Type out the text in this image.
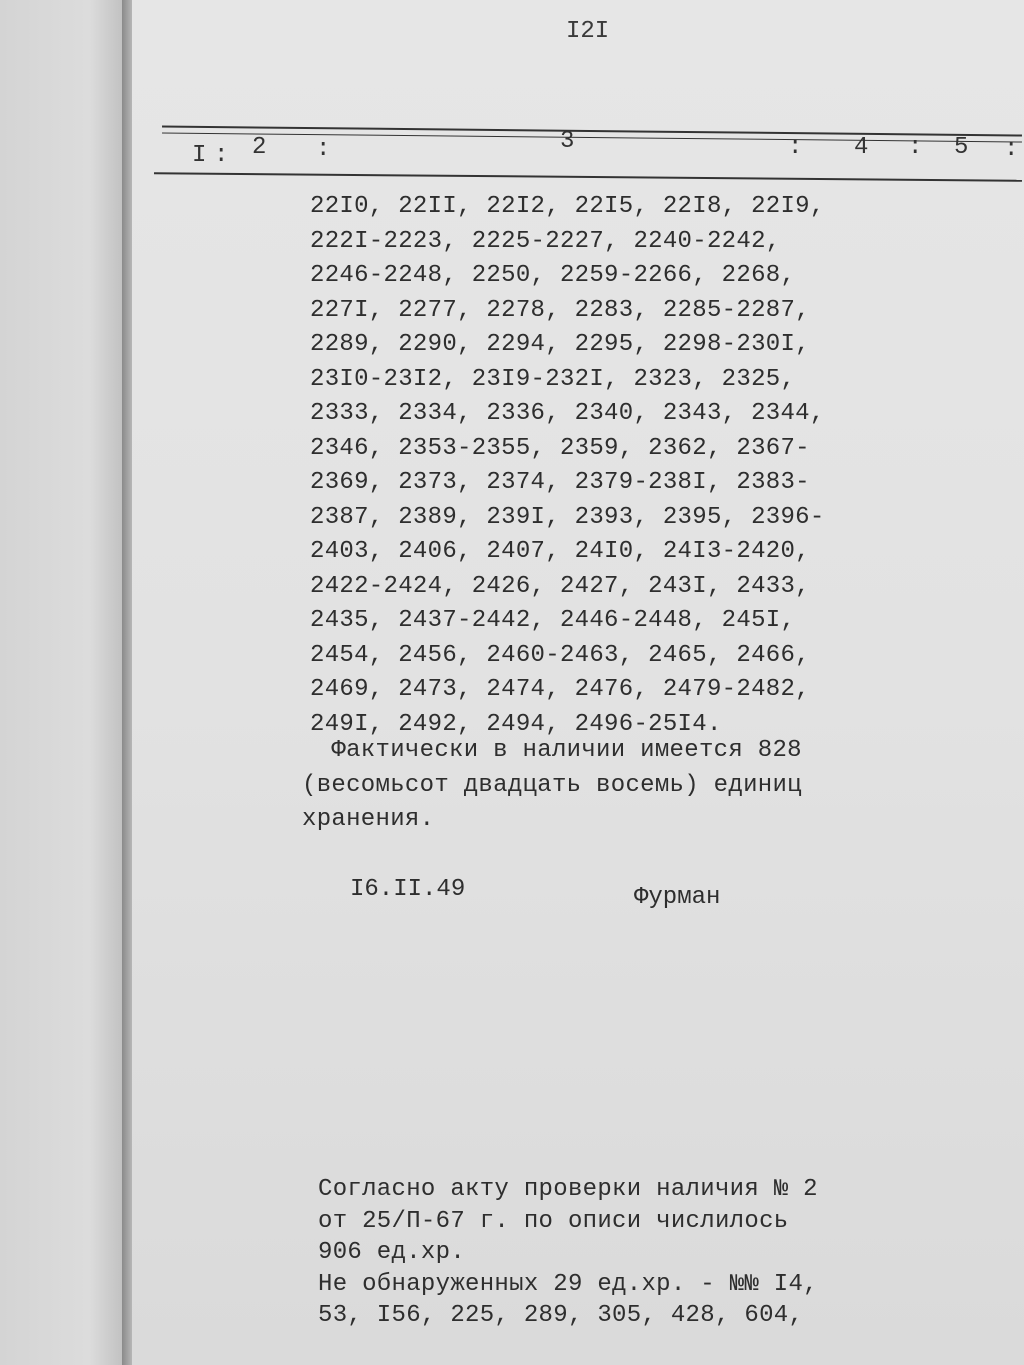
I2I
I : 2 :	3	: 4 : 5 :
22I0, 22II, 22I2, 22I5, 22I8, 22I9,
222I-2223, 2225-2227, 2240-2242,
2246-2248, 2250, 2259-2266, 2268,
227I, 2277, 2278, 2283, 2285-2287,
2289, 2290, 2294, 2295, 2298-230I,
23I0-23I2, 23I9-232I, 2323, 2325,
2333, 2334, 2336, 2340, 2343, 2344,
2346, 2353-2355, 2359, 2362, 2367-
2369, 2373, 2374, 2379-238I, 2383-
2387, 2389, 239I, 2393, 2395, 2396-
2403, 2406, 2407, 24I0, 24I3-2420,
2422-2424, 2426, 2427, 243I, 2433,
2435, 2437-2442, 2446-2448, 245I,
2454, 2456, 2460-2463, 2465, 2466,
2469, 2473, 2474, 2476, 2479-2482,
249I, 2492, 2494, 2496-25I4.
Фактически в наличии имеется 828
(весомьсот двадцать восемь) единиц
хранения.
I6.II.49	Фурман
Согласно акту проверки наличия № 2
от 25/П-67 г. по описи числилось
906 ед.хр.
Не обнаруженных 29 ед.хр. - №№ I4,
53, I56, 225, 289, 305, 428, 604,
